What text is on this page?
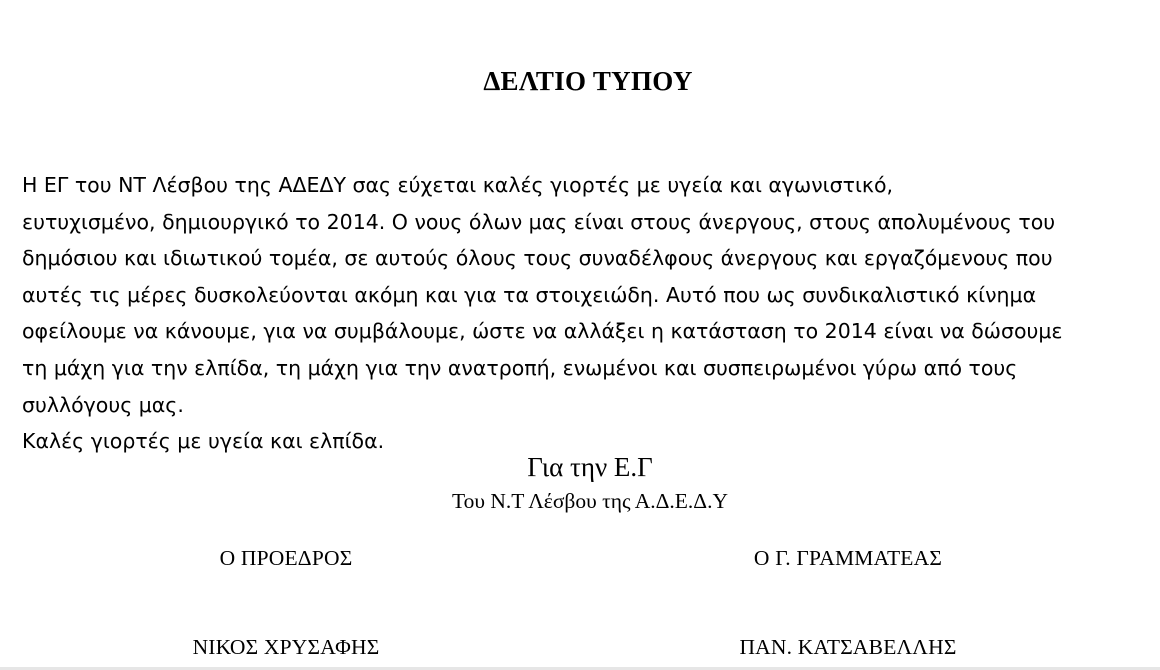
ΔΕΛΤΙΟ ΤΥΠΟΥ
Η ΕΓ του ΝΤ Λέσβου της ΑΔΕΔΥ σας εύχεται καλές γιορτές με υγεία και αγωνιστικό,
ευτυχισμένο, δημιουργικό το 2014. Ο νους όλων μας είναι στους άνεργους, στους απολυμένους του
δημόσιου και ιδιωτικού τομέα, σε αυτούς όλους τους συναδέλφους άνεργους και εργαζόμενους που
αυτές τις μέρες δυσκολεύονται ακόμη και για τα στοιχειώδη. Αυτό που ως συνδικαλιστικό κίνημα
οφείλουμε να κάνουμε, για να συμβάλουμε, ώστε να αλλάξει η κατάσταση το 2014 είναι να δώσουμε
τη μάχη για την ελπίδα, τη μάχη για την ανατροπή, ενωμένοι και συσπειρωμένοι γύρω από τους
συλλόγους μας.
Καλές γιορτές με υγεία και ελπίδα.
Για την Ε.Γ
Του Ν.Τ Λέσβου της Α.Δ.Ε.Δ.Υ
Ο ΠΡΟΕΔΡΟΣ	Ο Γ. ΓΡΑΜΜΑΤΕΑΣ
ΝΙΚΟΣ ΧΡΥΣΑΦΗΣ	ΠΑΝ. ΚΑΤΣΑΒΕΛΛΗΣ
